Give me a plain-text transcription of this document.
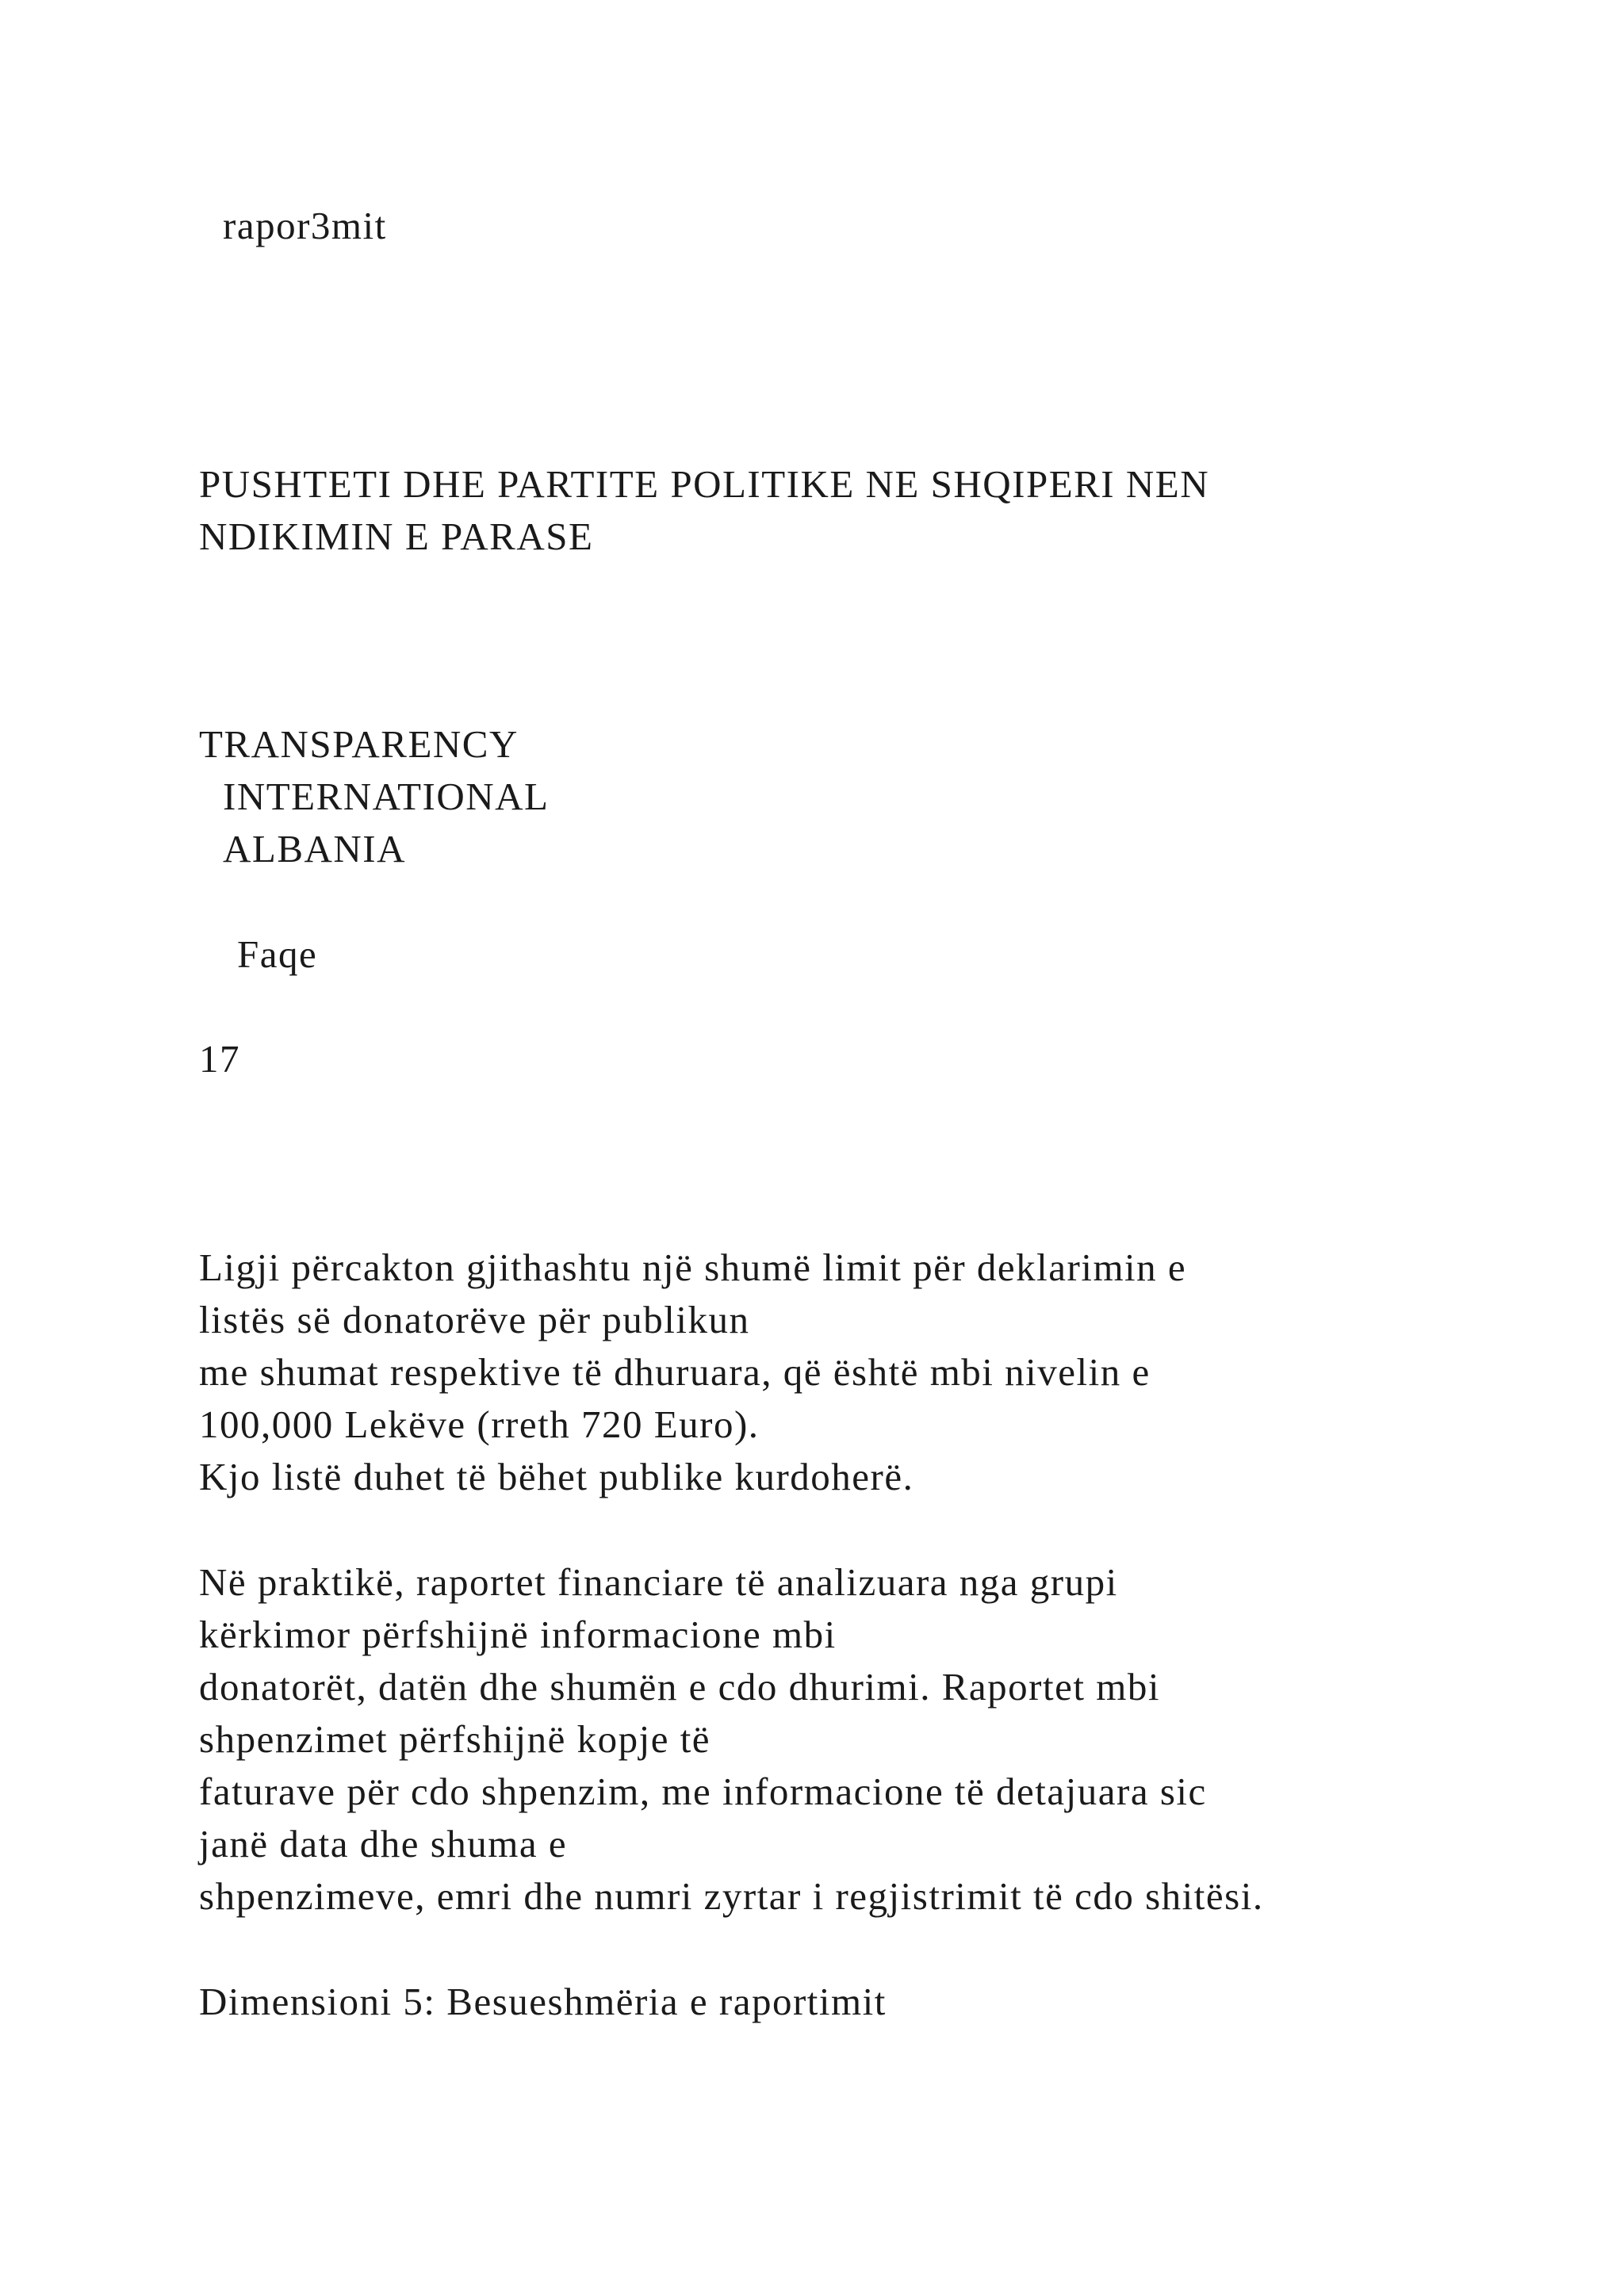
rapor3mit
PUSHTETI DHE PARTITE POLITIKE NE SHQIPERI NEN
NDIKIMIN E PARASE
TRANSPARENCY
INTERNATIONAL
ALBANIA
Faqe
17
Ligji përcakton gjithashtu një shumë limit për deklarimin e
listës së donatorëve për publikun
me shumat respektive të dhuruara, që është mbi nivelin e
100,000 Lekëve (rreth 720 Euro).
Kjo listë duhet të bëhet publike kurdoherë.
Në praktikë, raportet financiare të analizuara nga grupi
kërkimor përfshijnë informacione mbi
donatorët, datën dhe shumën e cdo dhurimi. Raportet mbi
shpenzimet përfshijnë kopje të
faturave për cdo shpenzim, me informacione të detajuara sic
janë data dhe shuma e
shpenzimeve, emri dhe numri zyrtar i regjistrimit të cdo shitësi.
Dimensioni 5: Besueshmëria e raportimit
